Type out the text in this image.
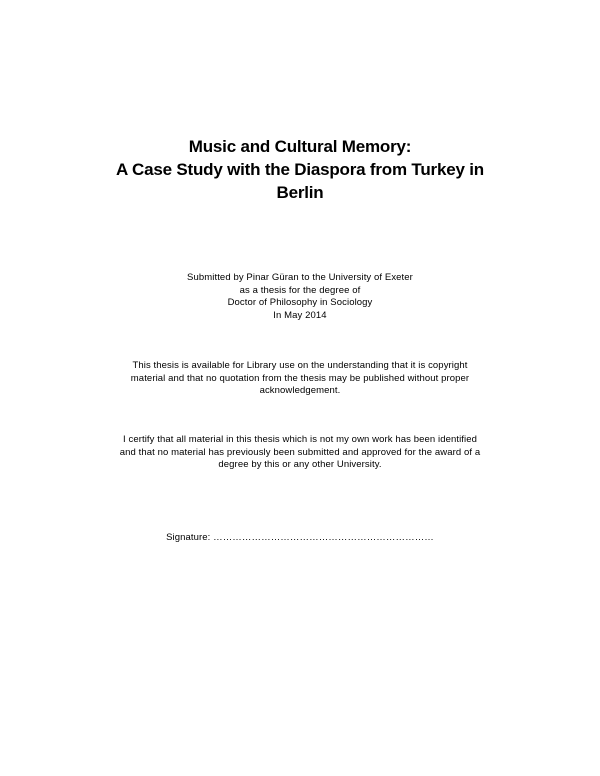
Music and Cultural Memory:
A Case Study with the Diaspora from Turkey in
Berlin
Submitted by Pinar Güran to the University of Exeter
as a thesis for the degree of
Doctor of Philosophy in Sociology
In May 2014
This thesis is available for Library use on the understanding that it is copyright
material and that no quotation from the thesis may be published without proper
acknowledgement.
I certify that all material in this thesis which is not my own work has been identified
and that no material has previously been submitted and approved for the award of a
degree by this or any other University.
Signature: ……………………………………………………………
